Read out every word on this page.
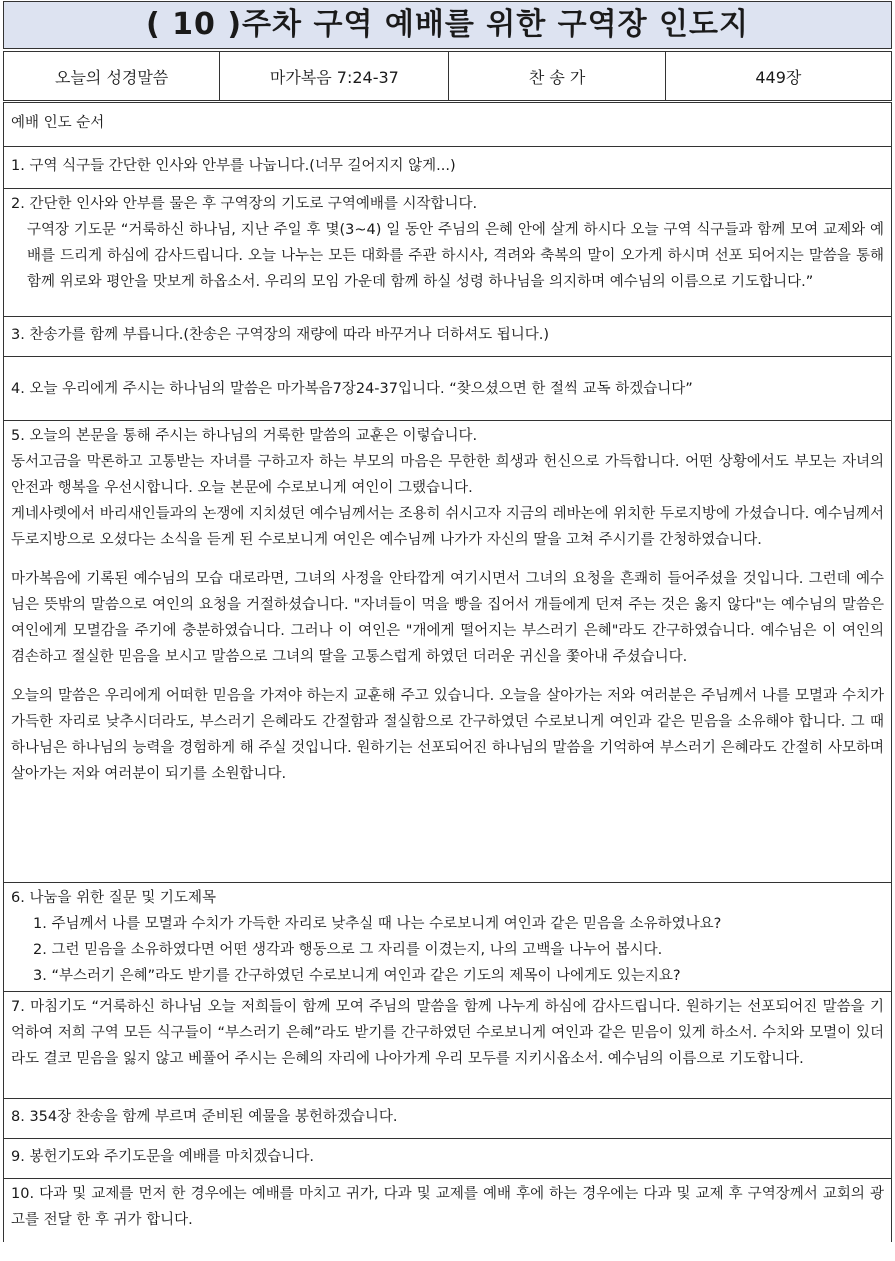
( 10 )주차 구역 예배를 위한 구역장 인도지
오늘의 성경말씀	마가복음 7:24-37	찬 송 가	449장
예배 인도 순서
1. 구역 식구들 간단한 인사와 안부를 나눕니다.(너무 길어지지 않게...)

2. 간단한 인사와 안부를 물은 후 구역장의 기도로 구역예배를 시작합니다.

구역장 기도문 “거룩하신 하나님, 지난 주일 후 몇(3~4) 일 동안 주님의 은혜 안에 살게 하시다 오늘 구역 식구들과 함께 모여 교제와 예배를 드리게 하심에 감사드립니다. 오늘 나누는 모든 대화를 주관 하시사, 격려와 축복의 말이 오가게 하시며 선포 되어지는 말씀을 통해 함께 위로와 평안을 맛보게 하옵소서. 우리의 모임 가운데 함께 하실 성령 하나님을 의지하며 예수님의 이름으로 기도합니다.”

3. 찬송가를 함께 부릅니다.(찬송은 구역장의 재량에 따라 바꾸거나 더하셔도 됩니다.)
4. 오늘 우리에게 주시는 하나님의 말씀은 마가복음7장24-37입니다. “찾으셨으면 한 절씩 교독 하겠습니다”

5. 오늘의 본문을 통해 주시는 하나님의 거룩한 말씀의 교훈은 이렇습니다.

동서고금을 막론하고 고통받는 자녀를 구하고자 하는 부모의 마음은 무한한 희생과 헌신으로 가득합니다. 어떤 상황에서도 부모는 자녀의 안전과 행복을 우선시합니다. 오늘 본문에 수로보니게 여인이 그랬습니다.

게네사렛에서 바리새인들과의 논쟁에 지치셨던 예수님께서는 조용히 쉬시고자 지금의 레바논에 위치한 두로지방에 가셨습니다. 예수님께서 두로지방으로 오셨다는 소식을 듣게 된 수로보니게 여인은 예수님께 나가가 자신의 딸을 고쳐 주시기를 간청하였습니다.

마가복음에 기록된 예수님의 모습 대로라면, 그녀의 사정을 안타깝게 여기시면서 그녀의 요청을 흔쾌히 들어주셨을 것입니다. 그런데 예수님은 뜻밖의 말씀으로 여인의 요청을 거절하셨습니다. "자녀들이 먹을 빵을 집어서 개들에게 던져 주는 것은 옳지 않다"는 예수님의 말씀은 여인에게 모멸감을 주기에 충분하였습니다. 그러나 이 여인은 "개에게 떨어지는 부스러기 은혜"라도 간구하였습니다. 예수님은 이 여인의 겸손하고 절실한 믿음을 보시고 말씀으로 그녀의 딸을 고통스럽게 하였던 더러운 귀신을 쫓아내 주셨습니다.

오늘의 말씀은 우리에게 어떠한 믿음을 가져야 하는지 교훈해 주고 있습니다. 오늘을 살아가는 저와 여러분은 주님께서 나를 모멸과 수치가 가득한 자리로 낮추시더라도, 부스러기 은혜라도 간절함과 절실함으로 간구하였던 수로보니게 여인과 같은 믿음을 소유해야 합니다. 그 때 하나님은 하나님의 능력을 경험하게 해 주실 것입니다. 원하기는 선포되어진 하나님의 말씀을 기억하여 부스러기 은혜라도 간절히 사모하며 살아가는 저와 여러분이 되기를 소원합니다.

6. 나눔을 위한 질문 및 기도제목

1. 주님께서 나를 모멸과 수치가 가득한 자리로 낮추실 때 나는 수로보니게 여인과 같은 믿음을 소유하였나요?
2. 그런 믿음을 소유하였다면 어떤 생각과 행동으로 그 자리를 이겼는지, 나의 고백을 나누어 봅시다.
3. “부스러기 은혜”라도 받기를 간구하였던 수로보니게 여인과 같은 기도의 제목이 나에게도 있는지요?
7. 마침기도 “거룩하신 하나님 오늘 저희들이 함께 모여 주님의 말씀을 함께 나누게 하심에 감사드립니다. 원하기는 선포되어진 말씀을 기억하여 저희 구역 모든 식구들이 “부스러기 은혜”라도 받기를 간구하였던 수로보니게 여인과 같은 믿음이 있게 하소서. 수치와 모멸이 있더라도 결코 믿음을 잃지 않고 베풀어 주시는 은혜의 자리에 나아가게 우리 모두를 지키시옵소서. 예수님의 이름으로 기도합니다.
8. 354장 찬송을 함께 부르며 준비된 예물을 봉헌하겠습니다.
9. 봉헌기도와 주기도문을 예배를 마치겠습니다.
10. 다과 및 교제를 먼저 한 경우에는 예배를 마치고 귀가, 다과 및 교제를 예배 후에 하는 경우에는 다과 및 교제 후 구역장께서 교회의 광고를 전달 한 후 귀가 합니다.
